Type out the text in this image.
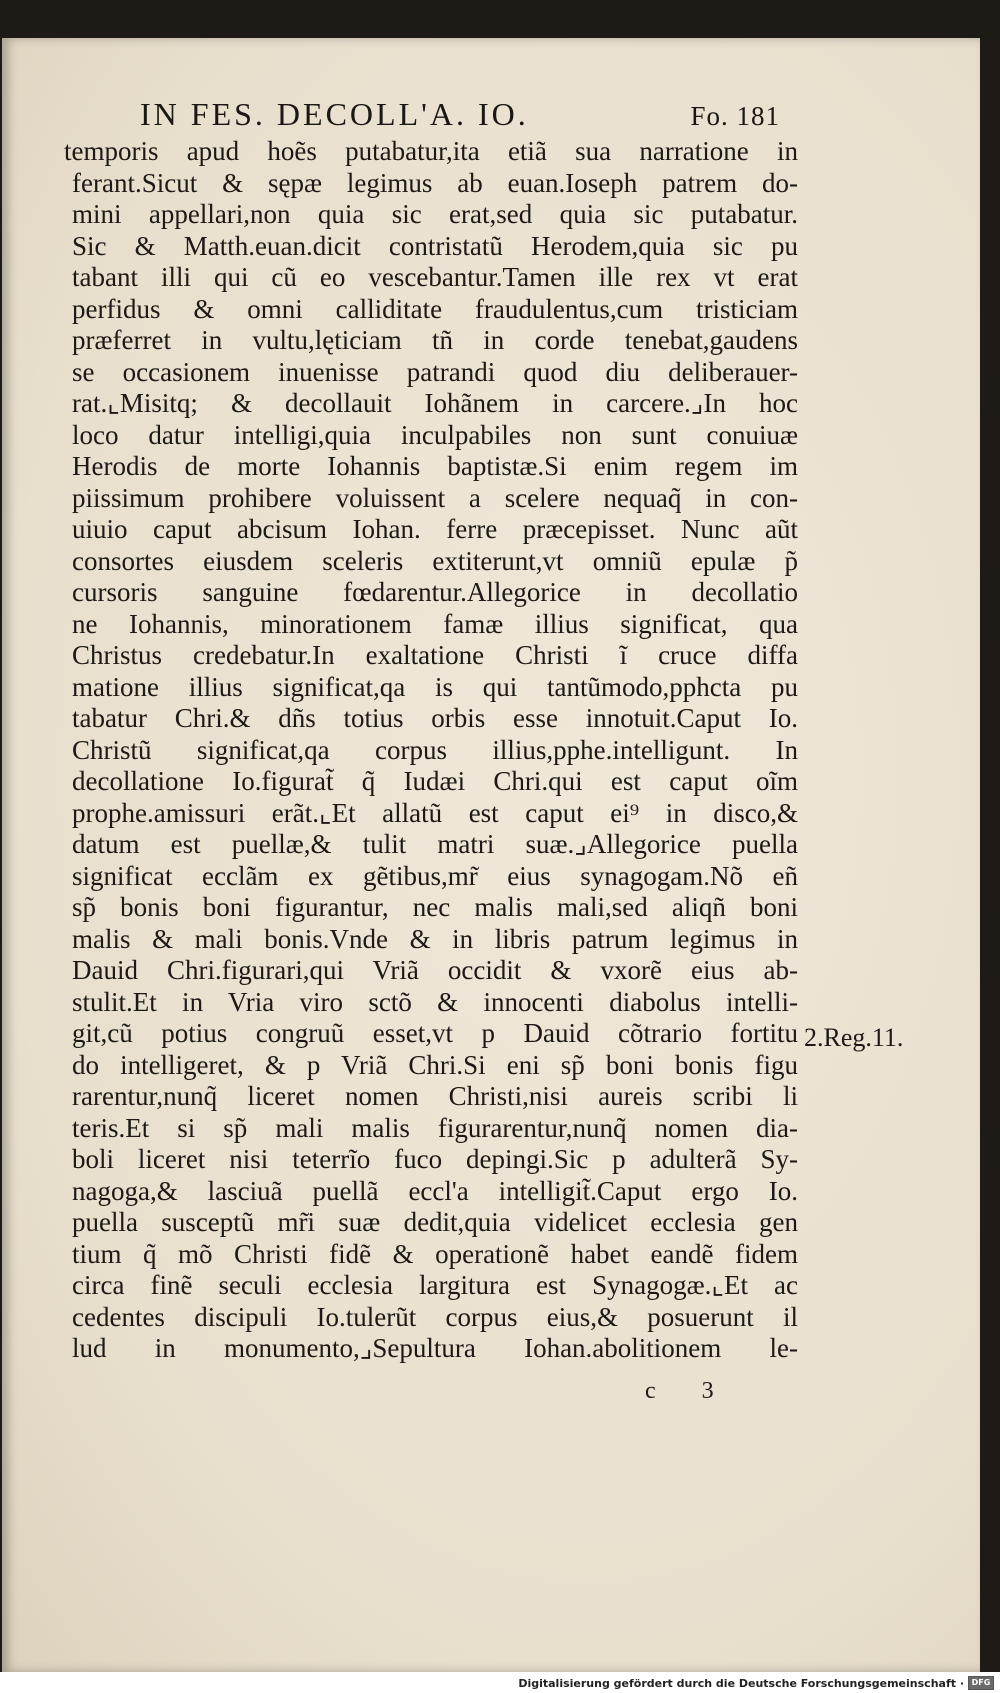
IN FES. DECOLL'A. IO.	Fo. 181
temporis apud hoẽs putabatur,ita etiã sua narratione in
ferant.Sicut & sępæ legimus ab euan.Ioseph patrem do-
mini appellari,non quia sic erat,sed quia sic putabatur.
Sic & Matth.euan.dicit contristatũ Herodem,quia sic pu
tabant illi qui cũ eo vescebantur.Tamen ille rex vt erat
perfidus & omni calliditate fraudulentus,cum tristiciam
præferret in vultu,lęticiam tñ in corde tenebat,gaudens
se occasionem inuenisse patrandi quod diu deliberauer-
rat.⌞Misitq; & decollauit Iohãnem in carcere.⌟In hoc
loco datur intelligi,quia inculpabiles non sunt conuiuæ
Herodis de morte Iohannis baptistæ.Si enim regem im
piissimum prohibere voluissent a scelere nequaq̃ in con-
uiuio caput abcisum Iohan. ferre præcepisset. Nunc aũt
consortes eiusdem sceleris extiterunt,vt omniũ epulæ p̃
cursoris sanguine fœdarentur.Allegorice in decollatio
ne Iohannis, minorationem famæ illius significat, qua
Christus credebatur.In exaltatione Christi ĩ cruce diffa
matione illius significat,qa is qui tantũmodo,pphcta pu
tabatur Chri.& dñs totius orbis esse innotuit.Caput Io.
Christũ significat,qa corpus illius,pphe.intelligunt. In
decollatione Io.figurat̃ q̃ Iudæi Chri.qui est caput oĩm
prophe.amissuri erãt.⌞Et allatũ est caput ei⁹ in disco,&
datum est puellæ,& tulit matri suæ.⌟Allegorice puella
significat ecclãm ex gẽtibus,mr̃ eius synagogam.Nõ eñ
sp̃ bonis boni figurantur, nec malis mali,sed aliqñ boni
malis & mali bonis.Vnde & in libris patrum legimus in
Dauid Chri.figurari,qui Vriã occidit & vxorẽ eius ab-
stulit.Et in Vria viro sctõ & innocenti diabolus intelli-
git,cũ potius congruũ esset,vt p Dauid cõtrario fortitu
do intelligeret, & p Vriã Chri.Si eni sp̃ boni bonis figu
rarentur,nunq̃ liceret nomen Christi,nisi aureis scribi li
teris.Et si sp̃ mali malis figurarentur,nunq̃ nomen dia-
boli liceret nisi teterrĩo fuco depingi.Sic p adulterã Sy-
nagoga,& lasciuã puellã eccl'a intelligit̃.Caput ergo Io.
puella susceptũ mr̃i suæ dedit,quia videlicet ecclesia gen
tium q̃ mõ Christi fidẽ & operationẽ habet eandẽ fidem
circa finẽ seculi ecclesia largitura est Synagogæ.⌞Et ac
cedentes discipuli Io.tulerũt corpus eius,& posuerunt il
lud in monumento,⌟Sepultura Iohan.abolitionem le-
2.Reg.11.
c 3
Digitalisierung gefördert durch die Deutsche Forschungsgemeinschaft · DFG
